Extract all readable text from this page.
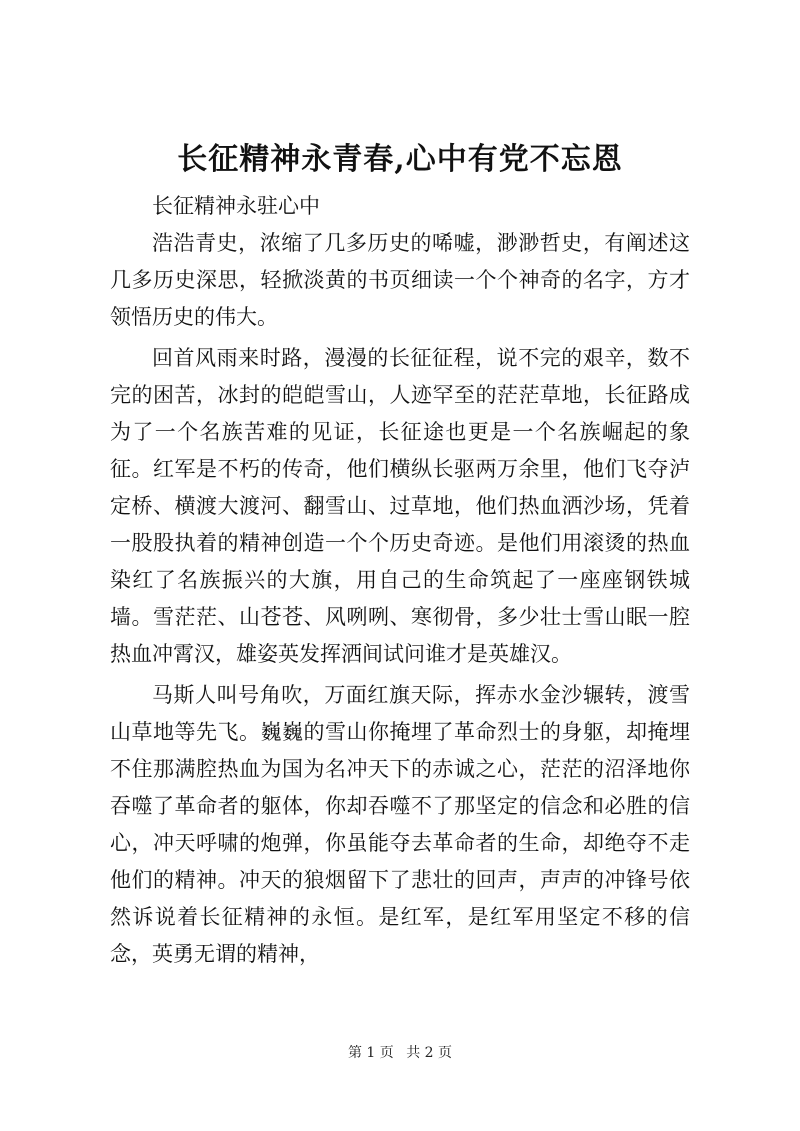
长征精神永青春,心中有党不忘恩

长征精神永驻心中

浩浩青史，浓缩了几多历史的唏嘘，渺渺哲史，有阐述这几多历史深思，轻掀淡黄的书页细读一个个神奇的名字，方才领悟历史的伟大。

回首风雨来时路，漫漫的长征征程，说不完的艰辛，数不完的困苦，冰封的皑皑雪山，人迹罕至的茫茫草地，长征路成为了一个名族苦难的见证，长征途也更是一个名族崛起的象征。红军是不朽的传奇，他们横纵长驱两万余里，他们飞夺泸定桥、横渡大渡河、翻雪山、过草地，他们热血洒沙场，凭着一股股执着的精神创造一个个历史奇迹。是他们用滚烫的热血染红了名族振兴的大旗，用自己的生命筑起了一座座钢铁城墙。雪茫茫、山苍苍、风咧咧、寒彻骨，多少壮士雪山眠一腔热血冲霄汉，雄姿英发挥洒间试问谁才是英雄汉。

马斯人叫号角吹，万面红旗天际，挥赤水金沙辗转，渡雪山草地等先飞。巍巍的雪山你掩埋了革命烈士的身躯，却掩埋不住那满腔热血为国为名冲天下的赤诚之心，茫茫的沼泽地你吞噬了革命者的躯体，你却吞噬不了那坚定的信念和必胜的信心，冲天呼啸的炮弹，你虽能夺去革命者的生命，却绝夺不走他们的精神。冲天的狼烟留下了悲壮的回声，声声的冲锋号依然诉说着长征精神的永恒。是红军，是红军用坚定不移的信念，英勇无谓的精神，

第 1 页 共 2 页
